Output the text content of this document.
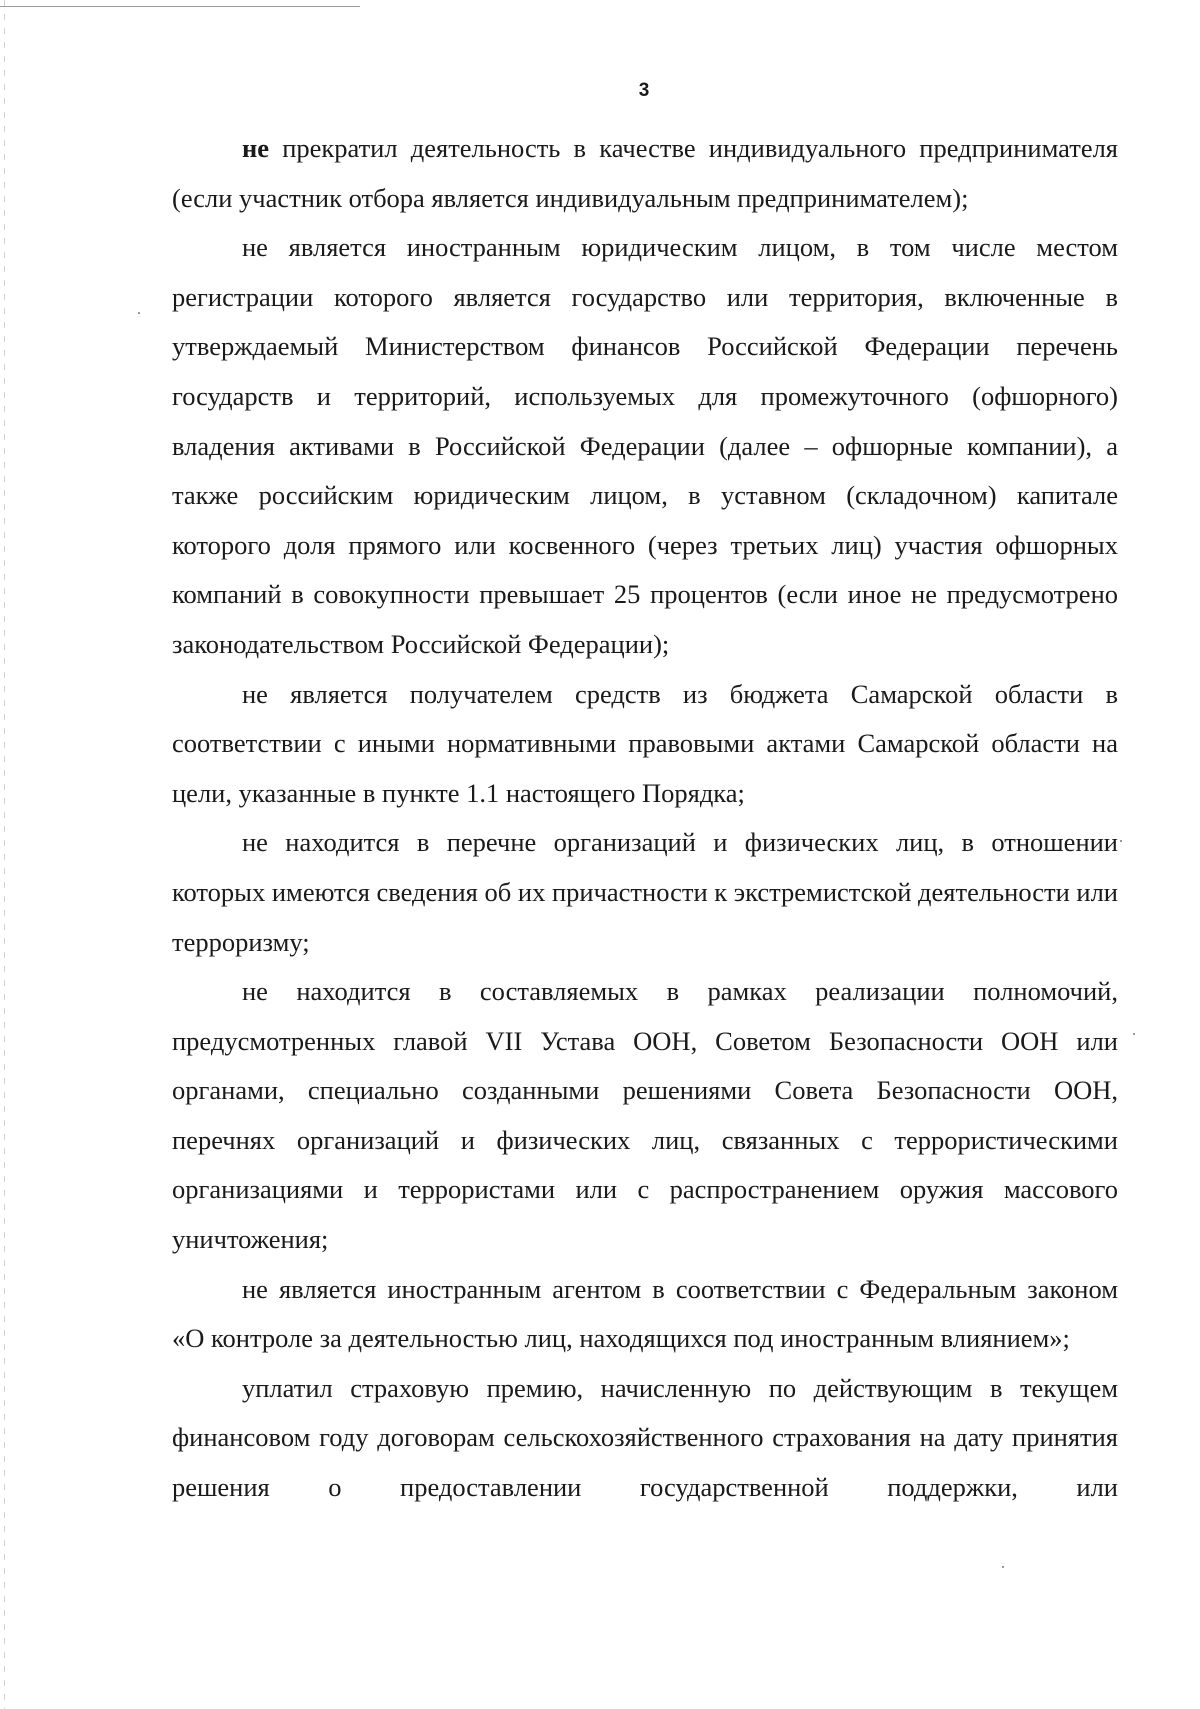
3

не прекратил деятельность в качестве индивидуального предпринимателя (если участник отбора является индивидуальным предпринимателем);

не является иностранным юридическим лицом, в том числе местом регистрации которого является государство или территория, включенные в утверждаемый Министерством финансов Российской Федерации перечень государств и территорий, используемых для промежуточного (офшорного) владения активами в Российской Федерации (далее – офшорные компании), а также российским юридическим лицом, в уставном (складочном) капитале которого доля прямого или косвенного (через третьих лиц) участия офшорных компаний в совокупности превышает 25 процентов (если иное не предусмотрено законодательством Российской Федерации);

не является получателем средств из бюджета Самарской области в соответствии с иными нормативными правовыми актами Самарской области на цели, указанные в пункте 1.1 настоящего Порядка;

не находится в перечне организаций и физических лиц, в отношении которых имеются сведения об их причастности к экстремистской деятельности или терроризму;

не находится в составляемых в рамках реализации полномочий, предусмотренных главой VII Устава ООН, Советом Безопасности ООН или органами, специально созданными решениями Совета Безопасности ООН, перечнях организаций и физических лиц, связанных с террористическими организациями и террористами или с распространением оружия массового уничтожения;

не является иностранным агентом в соответствии с Федеральным законом «О контроле за деятельностью лиц, находящихся под иностранным влиянием»;

уплатил страховую премию, начисленную по действующим в текущем финансовом году договорам сельскохозяйственного страхования на дату принятия решения о предоставлении государственной поддержки, или
